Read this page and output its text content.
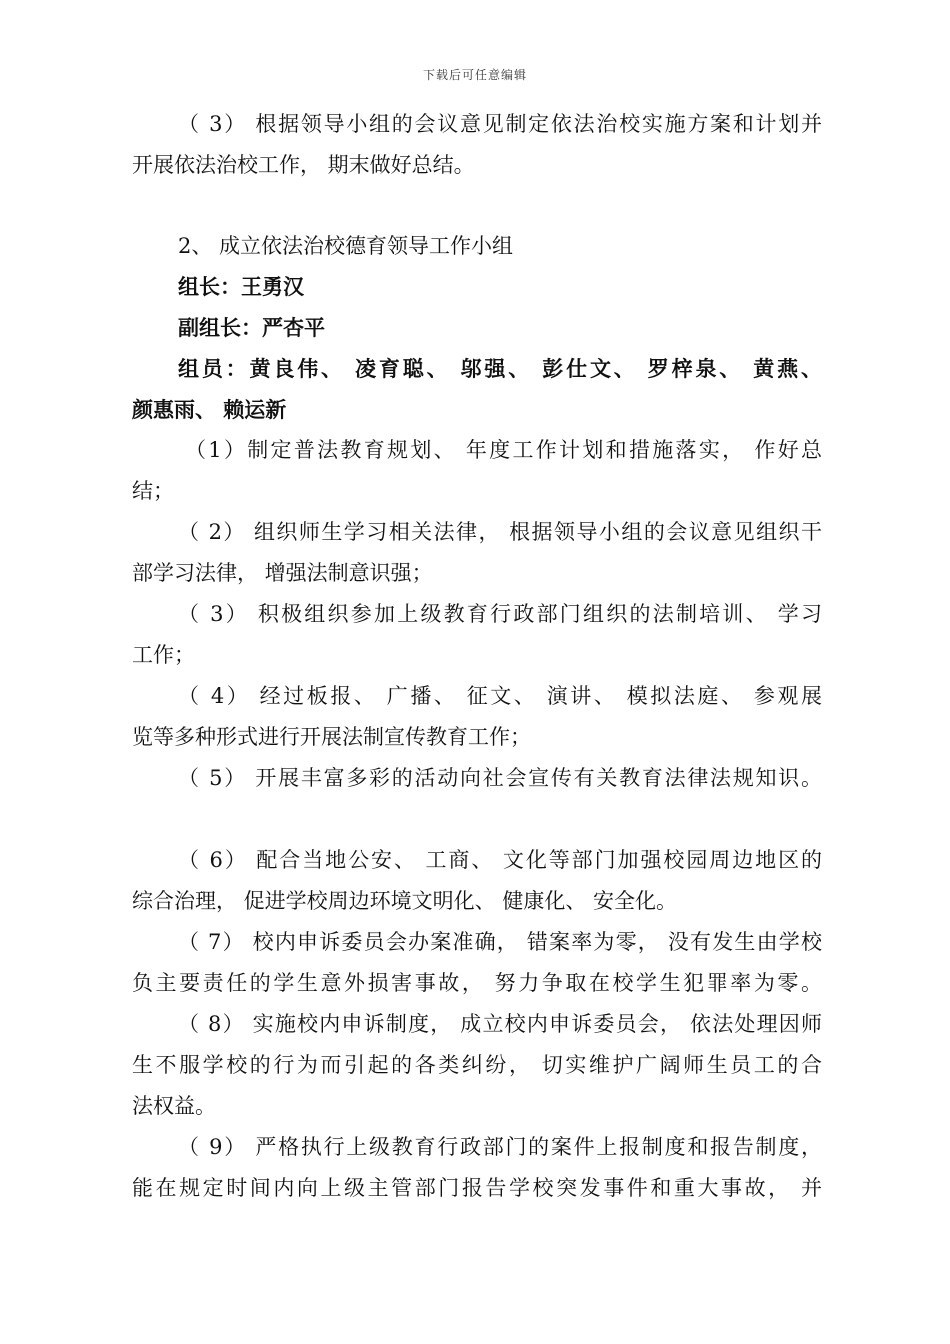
下载后可任意编辑
（ 3） 根据领导小组的会议意见制定依法治校实施方案和计划并
开展依法治校工作， 期末做好总结。
2、 成立依法治校德育领导工作小组
组长：王勇汉
副组长：严杏平
组员：黄良伟、 凌育聪、 邬强、 彭仕文、 罗梓泉、 黄燕、
颜惠雨、 赖运新
（1）制定普法教育规划、 年度工作计划和措施落实， 作好总
结；
（ 2） 组织师生学习相关法律， 根据领导小组的会议意见组织干
部学习法律， 增强法制意识强；
（ 3） 积极组织参加上级教育行政部门组织的法制培训、 学习
工作；
（ 4） 经过板报、 广播、 征文、 演讲、 模拟法庭、 参观展
览等多种形式进行开展法制宣传教育工作；
（ 5） 开展丰富多彩的活动向社会宣传有关教育法律法规知识。
（ 6） 配合当地公安、 工商、 文化等部门加强校园周边地区的
综合治理， 促进学校周边环境文明化、 健康化、 安全化。
（ 7） 校内申诉委员会办案准确， 错案率为零， 没有发生由学校
负主要责任的学生意外损害事故， 努力争取在校学生犯罪率为零。
（ 8） 实施校内申诉制度， 成立校内申诉委员会， 依法处理因师
生不服学校的行为而引起的各类纠纷， 切实维护广阔师生员工的合
法权益。
（ 9） 严格执行上级教育行政部门的案件上报制度和报告制度，
能在规定时间内向上级主管部门报告学校突发事件和重大事故， 并
